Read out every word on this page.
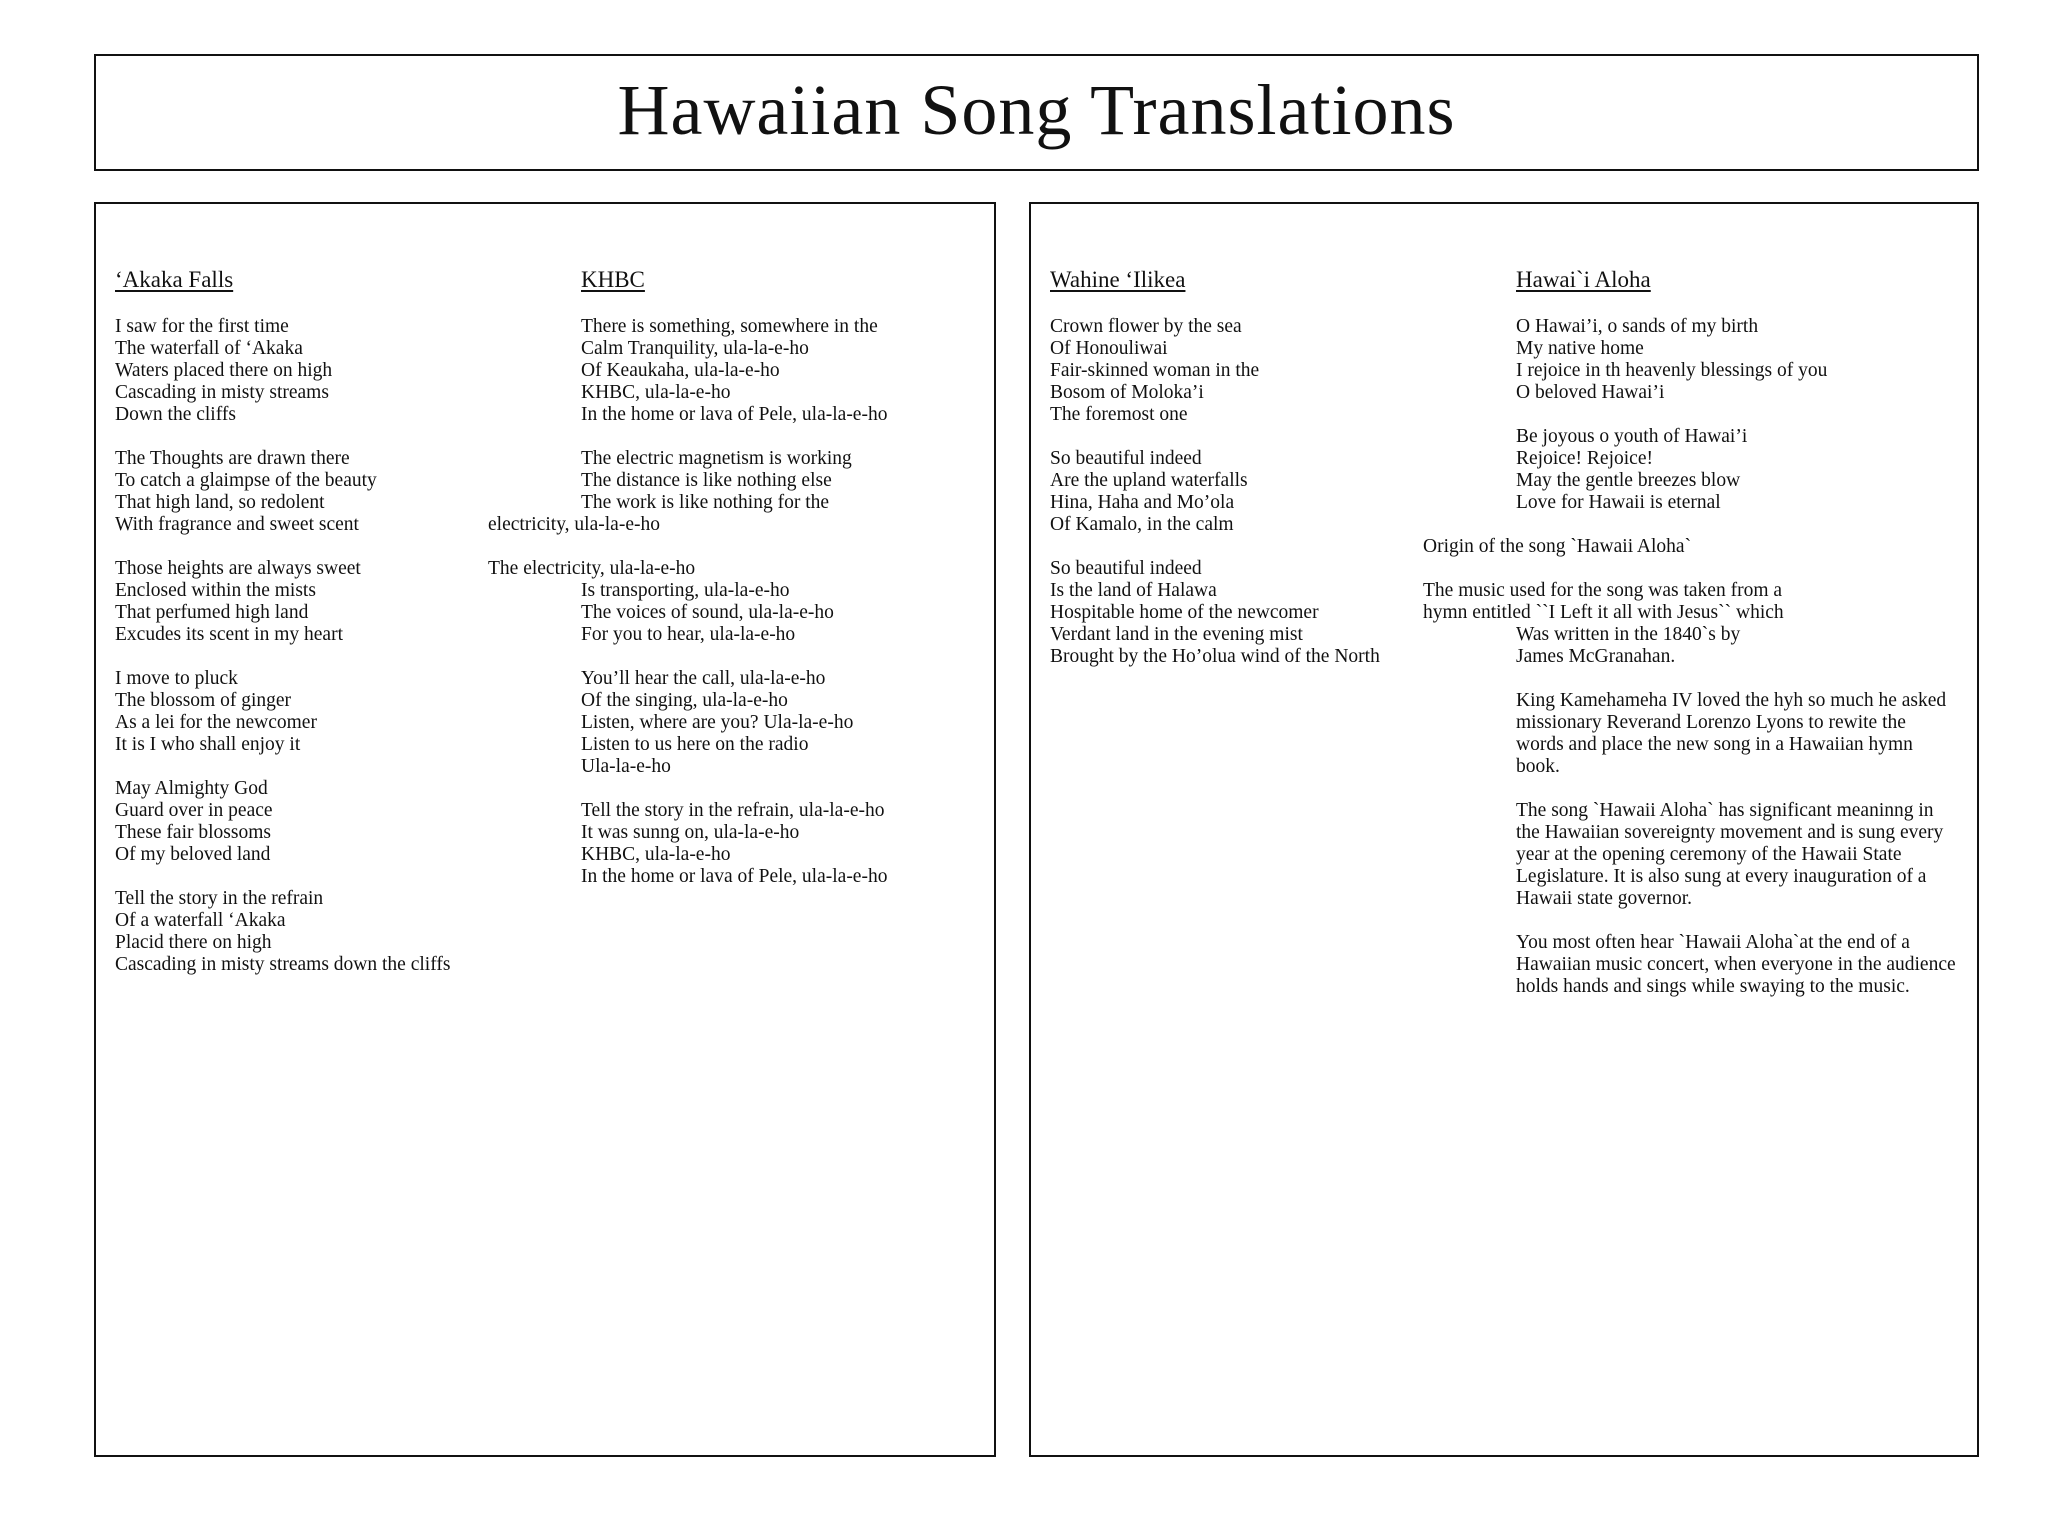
Hawaiian Song Translations
‘Akaka Falls
I saw for the first time
The waterfall of ‘Akaka
Waters placed there on high
Cascading in misty streams
Down the cliffs
The Thoughts are drawn there
To catch a glaimpse of the beauty
That high land, so redolent
With fragrance and sweet scent
Those heights are always sweet
Enclosed within the mists
That perfumed high land
Excudes its scent in my heart
I move to pluck
The blossom of ginger
As a lei for the newcomer
It is I who shall enjoy it
May Almighty God
Guard over in peace
These fair blossoms
Of my beloved land
Tell the story in the refrain
Of a waterfall ‘Akaka
Placid there on high
Cascading in misty streams down the cliffs
KHBC
There is something, somewhere in the
Calm Tranquility, ula-la-e-ho
Of Keaukaha, ula-la-e-ho
KHBC, ula-la-e-ho
In the home or lava of Pele, ula-la-e-ho
The electric magnetism is working
The distance is like nothing else
The work is like nothing for the
electricity, ula-la-e-ho
The electricity, ula-la-e-ho
Is transporting, ula-la-e-ho
The voices of sound, ula-la-e-ho
For you to hear, ula-la-e-ho
You’ll hear the call, ula-la-e-ho
Of the singing, ula-la-e-ho
Listen, where are you? Ula-la-e-ho
Listen to us here on the radio
Ula-la-e-ho
Tell the story in the refrain, ula-la-e-ho
It was sunng on, ula-la-e-ho
KHBC, ula-la-e-ho
In the home or lava of Pele, ula-la-e-ho
Wahine ‘Ilikea
Crown flower by the sea
Of Honouliwai
Fair-skinned woman in the
Bosom of Moloka’i
The foremost one
So beautiful indeed
Are the upland waterfalls
Hina, Haha and Mo’ola
Of Kamalo, in the calm
So beautiful indeed
Is the land of Halawa
Hospitable home of the newcomer
Verdant land in the evening mist
Brought by the Ho’olua wind of the North
Hawai`i Aloha
O Hawai’i, o sands of my birth
My native home
I rejoice in th heavenly blessings of you
O beloved Hawai’i
Be joyous o youth of Hawai’i
Rejoice! Rejoice!
May the gentle breezes blow
Love for Hawaii is eternal
Origin of the song `Hawaii Aloha`
The music used for the song was taken from a
hymn entitled ``I Left it all with Jesus`` which
Was written in the 1840`s by
James McGranahan.
King Kamehameha IV loved the hyh so much he asked missionary Reverand Lorenzo Lyons to rewite the words and place the new song in a Hawaiian hymn book.
The song `Hawaii Aloha` has significant meaninng in the Hawaiian sovereignty movement and is sung every year at the opening ceremony of the Hawaii State Legislature. It is also sung at every inauguration of a Hawaii state governor.
You most often hear `Hawaii Aloha`at the end of a Hawaiian music concert, when everyone in the audience holds hands and sings while swaying to the music.
